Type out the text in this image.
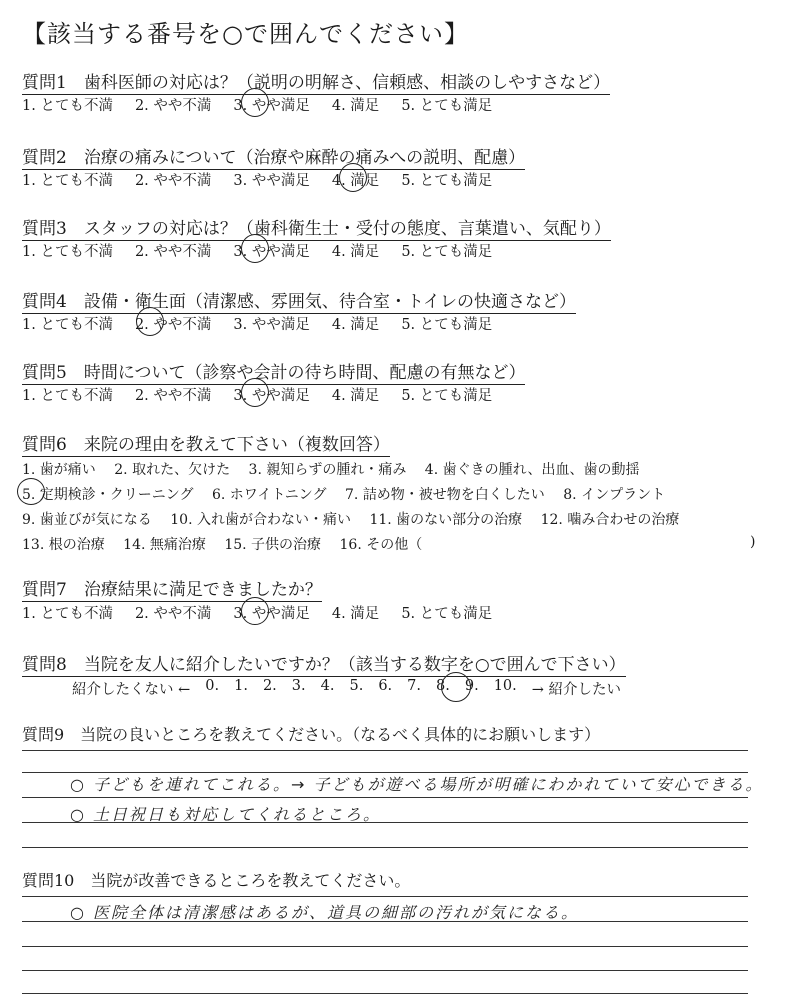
【該当する番号を○で囲んでください】
質問1　歯科医師の対応は？（説明の明解さ、信頼感、相談のしやすさなど）
1. とても不満 2. やや不満 3. やや満足 4. 満足 5. とても満足
質問2　治療の痛みについて（治療や麻酔の痛みへの説明、配慮）
1. とても不満 2. やや不満 3. やや満足 4. 満足 5. とても満足
質問3　スタッフの対応は？（歯科衛生士・受付の態度、言葉遣い、気配り）
1. とても不満 2. やや不満 3. やや満足 4. 満足 5. とても満足
質問4　設備・衛生面（清潔感、雰囲気、待合室・トイレの快適さなど）
1. とても不満 2. やや不満 3. やや満足 4. 満足 5. とても満足
質問5　時間について（診察や会計の待ち時間、配慮の有無など）
1. とても不満 2. やや不満 3. やや満足 4. 満足 5. とても満足
質問6　来院の理由を教えて下さい（複数回答）
1. 歯が痛い 2. 取れた、欠けた 3. 親知らずの腫れ・痛み 4. 歯ぐきの腫れ、出血、歯の動揺
5. 定期検診・クリーニング 6. ホワイトニング 7. 詰め物・被せ物を白くしたい 8. インプラント
9. 歯並びが気になる 10. 入れ歯が合わない・痛い 11. 歯のない部分の治療 12. 噛み合わせの治療
13. 根の治療 14. 無痛治療 15. 子供の治療 16. その他（	)
質問7　治療結果に満足できましたか？
1. とても不満 2. やや不満 3. やや満足 4. 満足 5. とても満足
質問8　当院を友人に紹介したいですか？（該当する数字を○で囲んで下さい）
紹介したくない ← 0. 1. 2. 3. 4. 5. 6. 7. 8. 9. 10. → 紹介したい
質問9　当院の良いところを教えてください。（なるべく具体的にお願いします）
○ 子どもを連れてこれる。→ 子どもが遊べる場所が明確にわかれていて安心できる。
○ 土日祝日も対応してくれるところ。
質問10　当院が改善できるところを教えてください。
○ 医院全体は清潔感はあるが、道具の細部の汚れが気になる。
